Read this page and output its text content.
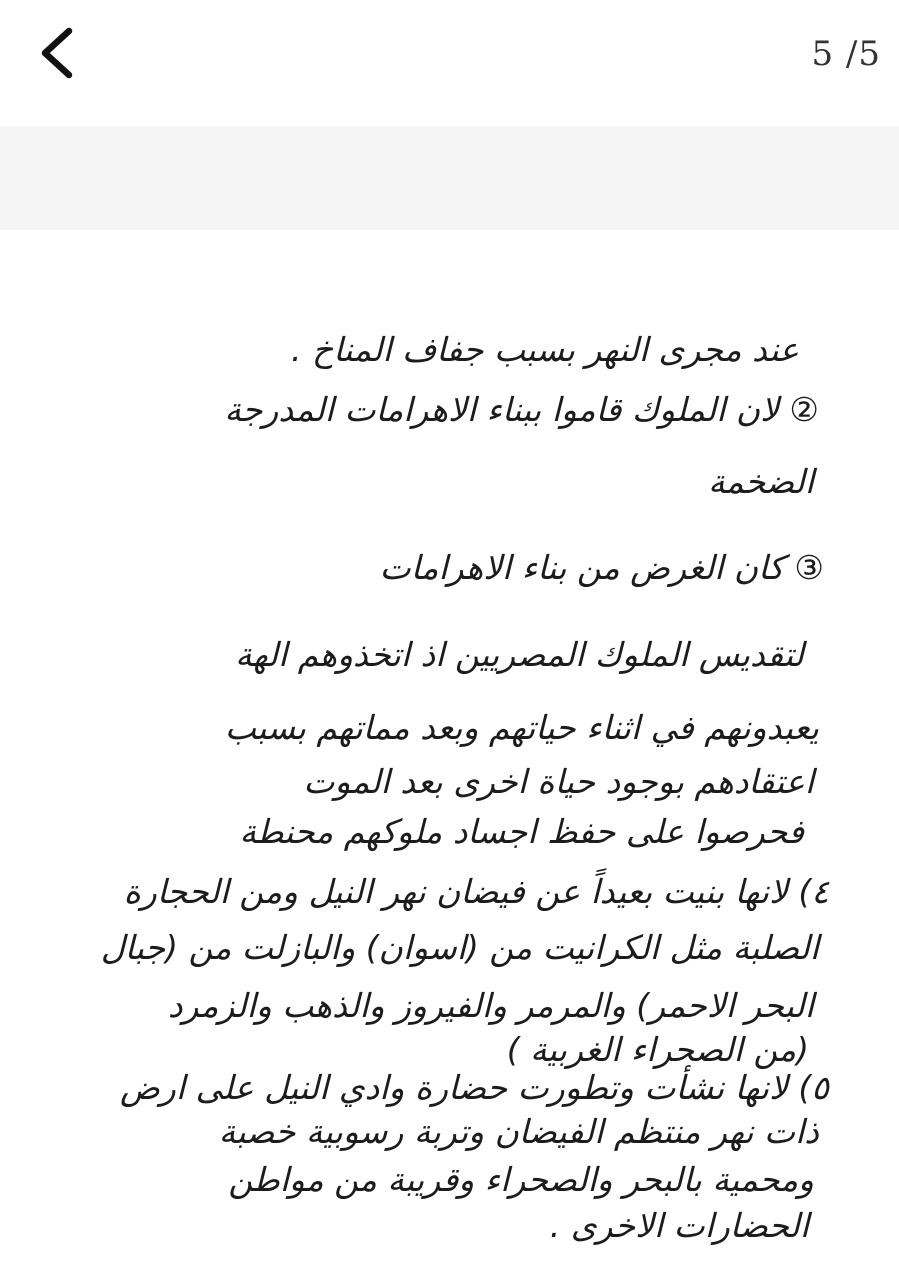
5 /5
عند مجرى النهر بسبب جفاف المناخ .
② لان الملوك قاموا ببناء الاهرامات المدرجة
الضخمة
③ كان الغرض من بناء الاهرامات
لتقديس الملوك المصريين اذ اتخذوهم الهة
يعبدونهم في اثناء حياتهم وبعد مماتهم بسبب
اعتقادهم بوجود حياة اخرى بعد الموت
فحرصوا على حفظ اجساد ملوكهم محنطة
٤) لانها بنيت بعيداً عن فيضان نهر النيل ومن الحجارة
الصلبة مثل الكرانيت من (اسوان) والبازلت من (جبال
البحر الاحمر) والمرمر والفيروز والذهب والزمرد
(من الصحراء الغربية )
٥) لانها نشأت وتطورت حضارة وادي النيل على ارض
ذات نهر منتظم الفيضان وتربة رسوبية خصبة
ومحمية بالبحر والصحراء وقريبة من مواطن
الحضارات الاخرى .
